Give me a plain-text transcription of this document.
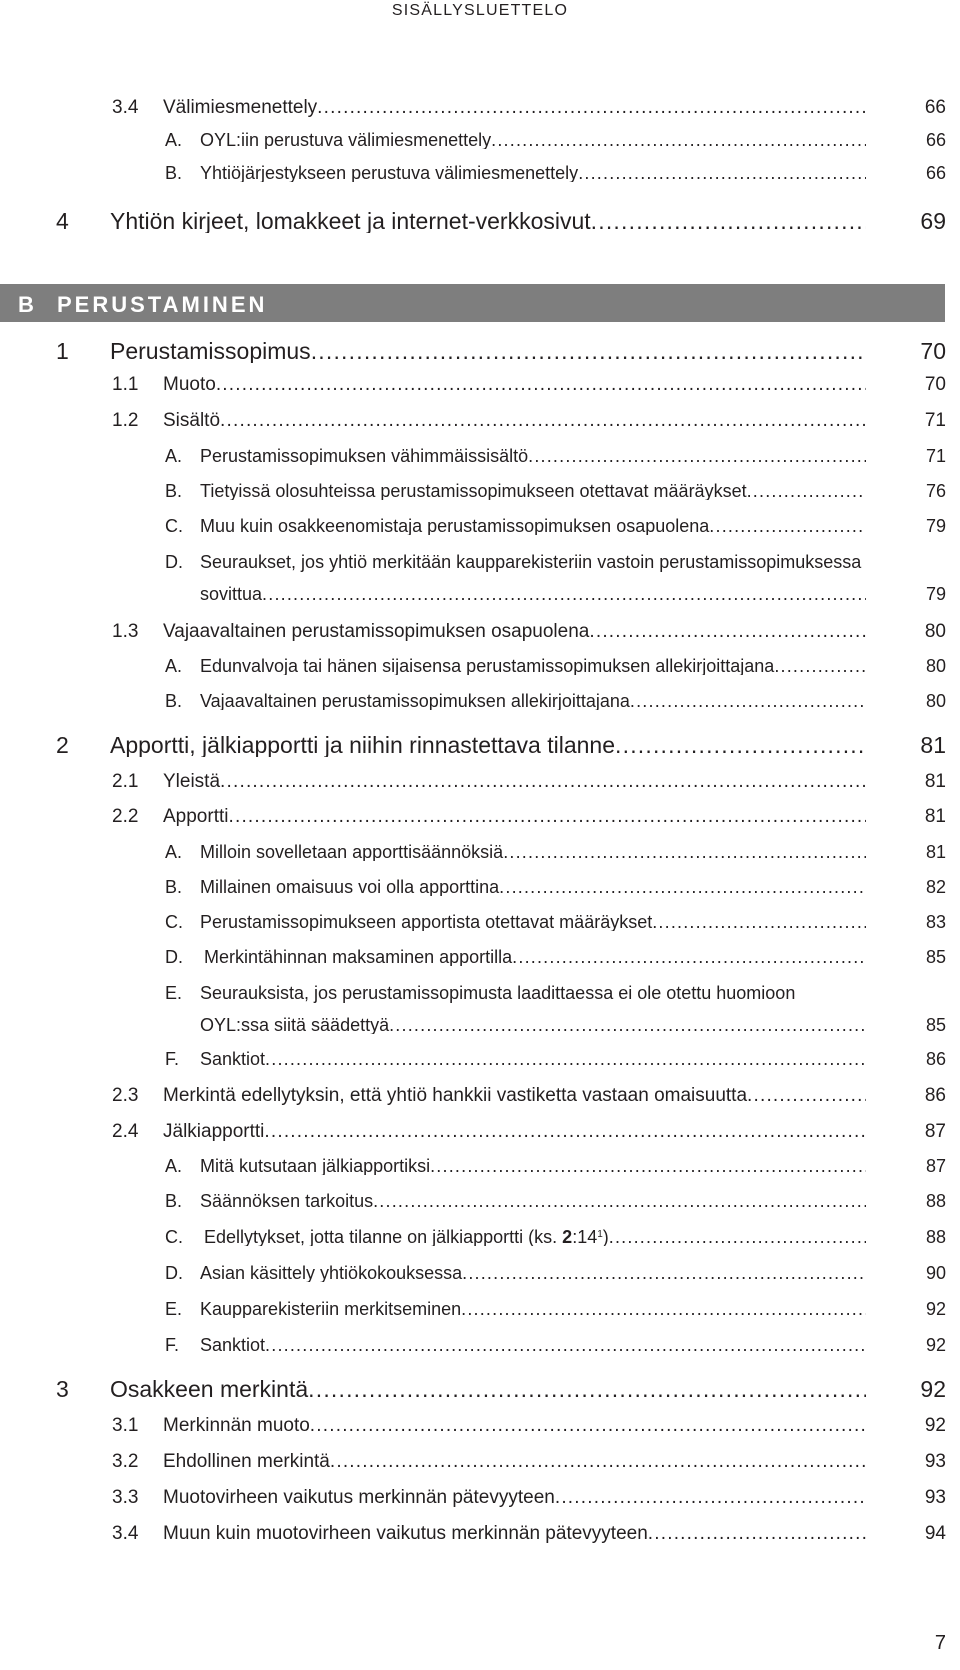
SISÄLLYSLUETTELO
3.4 Välimiesmenettely .....	66
A. OYL:iin perustuva välimiesmenettely .....	66
B. Yhtiöjärjestykseen perustuva välimiesmenettely .....	66
4 Yhtiön kirjeet, lomakkeet ja internet-verkkosivut .....	69
B PERUSTAMINEN
1 Perustamissopimus .....	70
1.1 Muoto .....	70
1.2 Sisältö .....	71
A. Perustamissopimuksen vähimmäissisältö .....	71
B. Tietyissä olosuhteissa perustamissopimukseen otettavat määräykset .....	76
C. Muu kuin osakkeenomistaja perustamissopimuksen osapuolena .....	79
D. Seuraukset, jos yhtiö merkitään kaupparekisteriin vastoin perustamissopimuksessa
sovittua .....	79
1.3 Vajaavaltainen perustamissopimuksen osapuolena .....	80
A. Edunvalvoja tai hänen sijaisensa perustamissopimuksen allekirjoittajana .....	80
B. Vajaavaltainen perustamissopimuksen allekirjoittajana .....	80
2 Apportti, jälkiapportti ja niihin rinnastettava tilanne .....	81
2.1 Yleistä .....	81
2.2 Apportti .....	81
A. Milloin sovelletaan apporttisäännöksiä .....	81
B. Millainen omaisuus voi olla apporttina .....	82
C. Perustamissopimukseen apportista otettavat määräykset .....	83
D. Merkintähinnan maksaminen apportilla .....	85
E. Seurauksista, jos perustamissopimusta laadittaessa ei ole otettu huomioon
OYL:ssa siitä säädettyä .....	85
F. Sanktiot .....	86
2.3 Merkintä edellytyksin, että yhtiö hankkii vastiketta vastaan omaisuutta .....	86
2.4 Jälkiapportti .....	87
A. Mitä kutsutaan jälkiapportiksi .....	87
B. Säännöksen tarkoitus .....	88
C. Edellytykset, jotta tilanne on jälkiapportti (ks. $2:14^1$) .....	88
D. Asian käsittely yhtiökokouksessa .....	90
E. Kaupparekisteriin merkitseminen .....	92
F. Sanktiot .....	92
3 Osakkeen merkintä .....	92
3.1 Merkinnän muoto .....	92
3.2 Ehdollinen merkintä .....	93
3.3 Muotovirheen vaikutus merkinnän pätevyyteen .....	93
3.4 Muun kuin muotovirheen vaikutus merkinnän pätevyyteen .....	94
7
